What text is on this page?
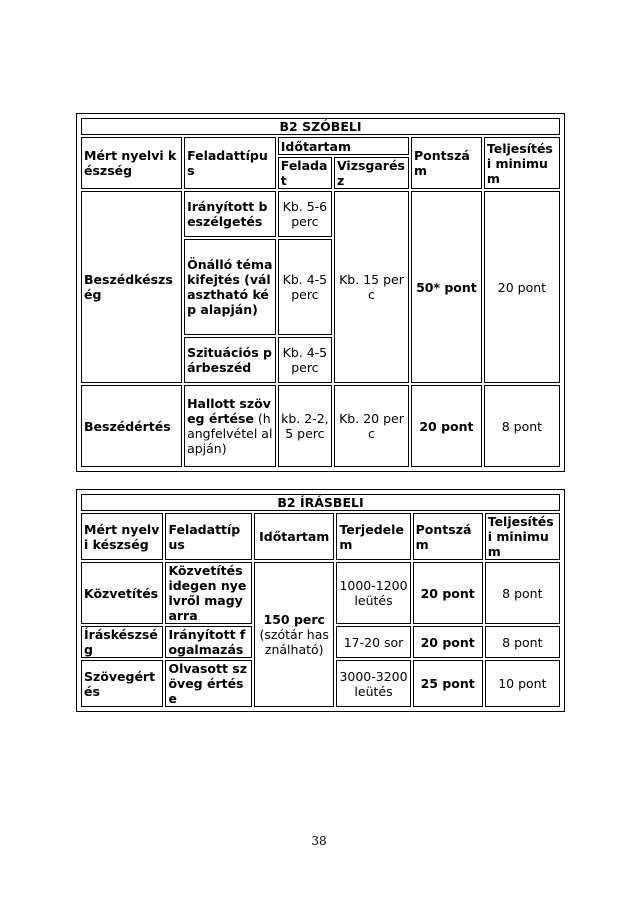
B2 SZÓBELI					
Mért nyelvi készség	Feladattípus	Időtartam		Pontszám	Teljesítési minimum
		Feladat	Vizsgarész		
Beszédkészség	Irányított beszélgetés	Kb. 5-6 perc	Kb. 15 perc	50* pont	20 pont
	Önálló témakifejtés (választható kép alapján)	Kb. 4-5 perc			
	Szituációs párbeszéd	Kb. 4-5 perc			
Beszédértés	Hallott szöveg értése (hangfelvétel alapján)	kb. 2-2,5 perc	Kb. 20 perc	20 pont	8 pont
B2 ÍRÁSBELI					
Mért nyelvi készség	Feladattípus	Időtartam	Terjedelem	Pontszám	Teljesítési minimum
Közvetítés	Közvetítés idegen nyelvről magyarra	150 perc (szótár használható)	1000-1200 leütés	20 pont	8 pont
Íráskészség	Irányított fogalmazás		17-20 sor	20 pont	8 pont
Szövegértés	Olvasott szöveg értése		3000-3200 leütés	25 pont	10 pont
38
